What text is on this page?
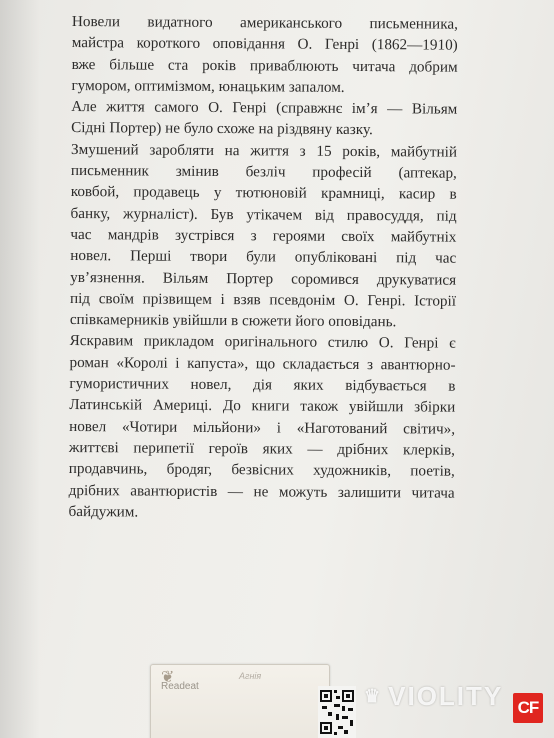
Новели видатного американського письменника,
майстра короткого оповідання О. Генрі (1862—1910)
вже більше ста років приваблюють читача добрим
гумором, оптимізмом, юнацьким запалом.
Але життя самого О. Генрі (справжнє ім’я — Вільям
Сідні Портер) не було схоже на різдвяну казку.
Змушений заробляти на життя з 15 років, майбутній
письменник змінив безліч професій (аптекар,
ковбой, продавець у тютюновій крамниці, касир в
банку, журналіст). Був утікачем від правосуддя, під
час мандрів зустрівся з героями своїх майбутніх
новел. Перші твори були опубліковані під час
ув’язнення. Вільям Портер соромився друкуватися
під своїм прізвищем і взяв псевдонім О. Генрі. Історії
співкамерників увійшли в сюжети його оповідань.
Яскравим прикладом оригінального стилю О. Генрі є
роман «Королі і капуста», що складається з авантюрно-
гумористичних новел, дія яких відбувається в
Латинській Америці. До книги також увійшли збірки
новел «Чотири мільйони» і «Наготований світич»,
життєві перипетії героїв яких — дрібних клерків,
продавчинь, бродяг, безвісних художників, поетів,
дрібних авантюристів — не можуть залишити читача
байдужим.
❦
Readeat
Агнія
♛ VIOLITY CF
